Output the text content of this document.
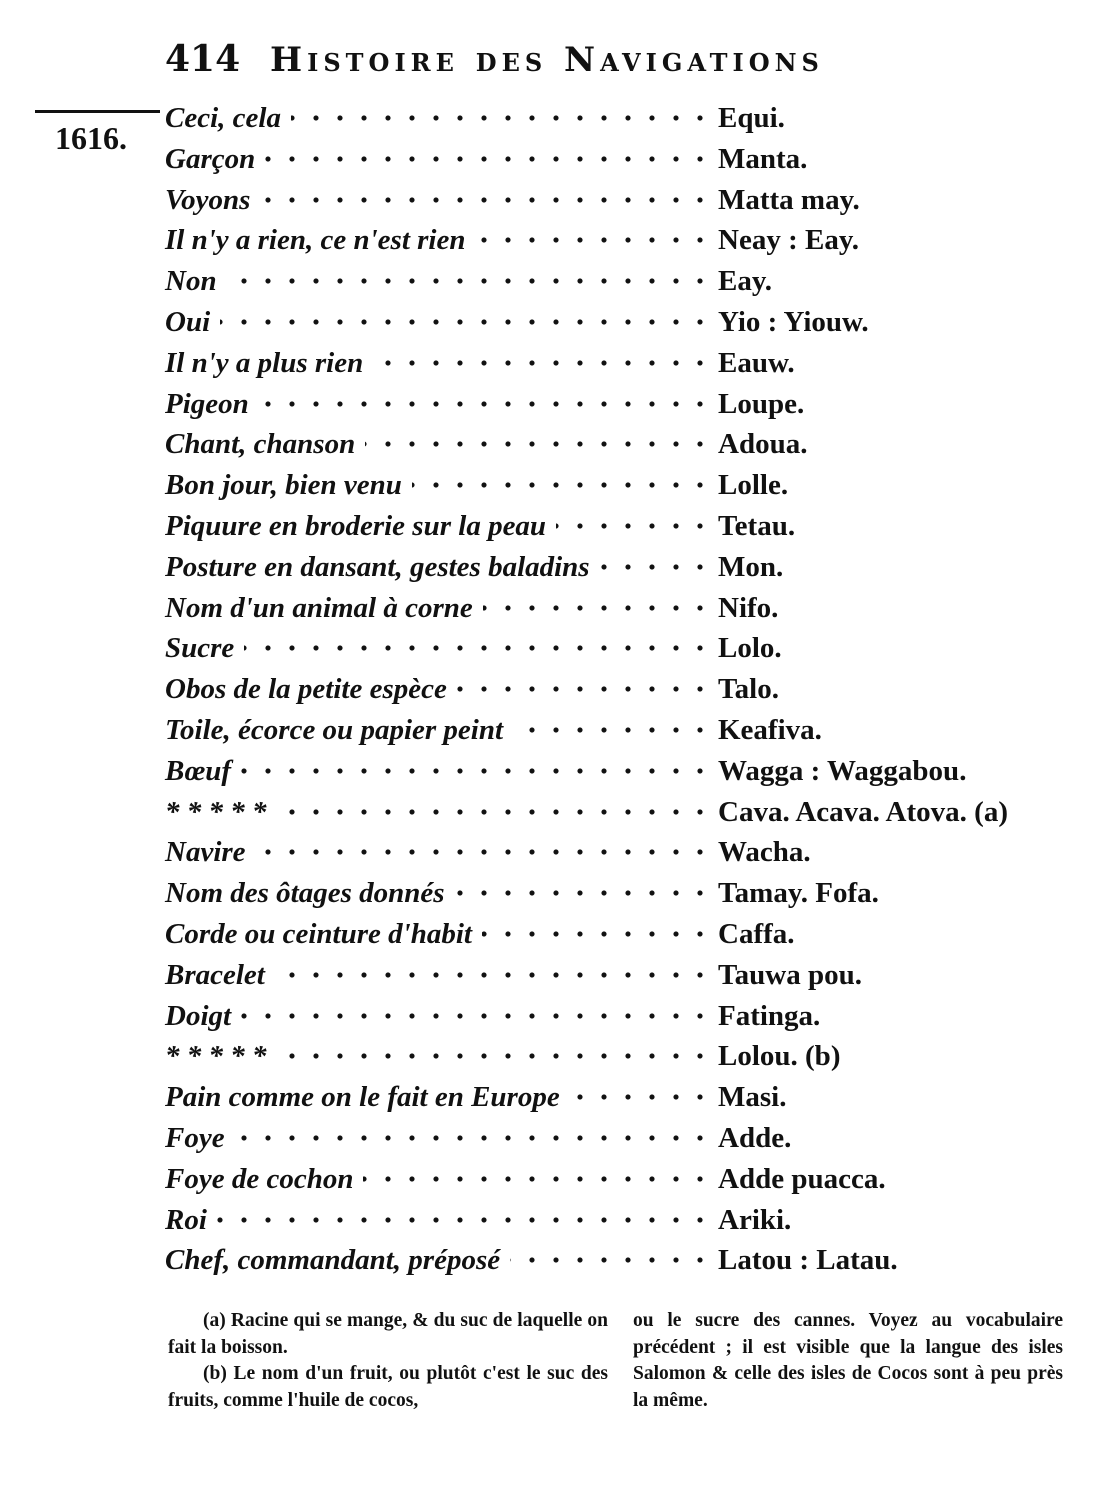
414 Histoire des Navigations
1616.
Ceci, cela	Equi.
Garçon	Manta.
Voyons	Matta may.
Il n'y a rien, ce n'est rien	Neay : Eay.
Non	Eay.
Oui	Yio : Yiouw.
Il n'y a plus rien	Eauw.
Pigeon	Loupe.
Chant, chanson	Adoua.
Bon jour, bien venu	Lolle.
Piquure en broderie sur la peau	Tetau.
Posture en dansant, gestes baladins	Mon.
Nom d'un animal à corne	Nifo.
Sucre	Lolo.
Obos de la petite espèce	Talo.
Toile, écorce ou papier peint	Keafiva.
Bœuf	Wagga : Waggabou.
* * * * *	Cava. Acava. Atova. (a)
Navire	Wacha.
Nom des ôtages donnés	Tamay. Fofa.
Corde ou ceinture d'habit	Caffa.
Bracelet	Tauwa pou.
Doigt	Fatinga.
* * * * *	Lolou. (b)
Pain comme on le fait en Europe	Masi.
Foye	Adde.
Foye de cochon	Adde puacca.
Roi	Ariki.
Chef, commandant, préposé	Latou : Latau.

(a) Racine qui se mange, & du suc de laquelle on fait la boisson.

(b) Le nom d'un fruit, ou plutôt c'est le suc des fruits, comme l'huile de cocos,

ou le sucre des cannes. Voyez au vocabulaire précédent ; il est visible que la langue des isles Salomon & celle des isles de Cocos sont à peu près la même.
